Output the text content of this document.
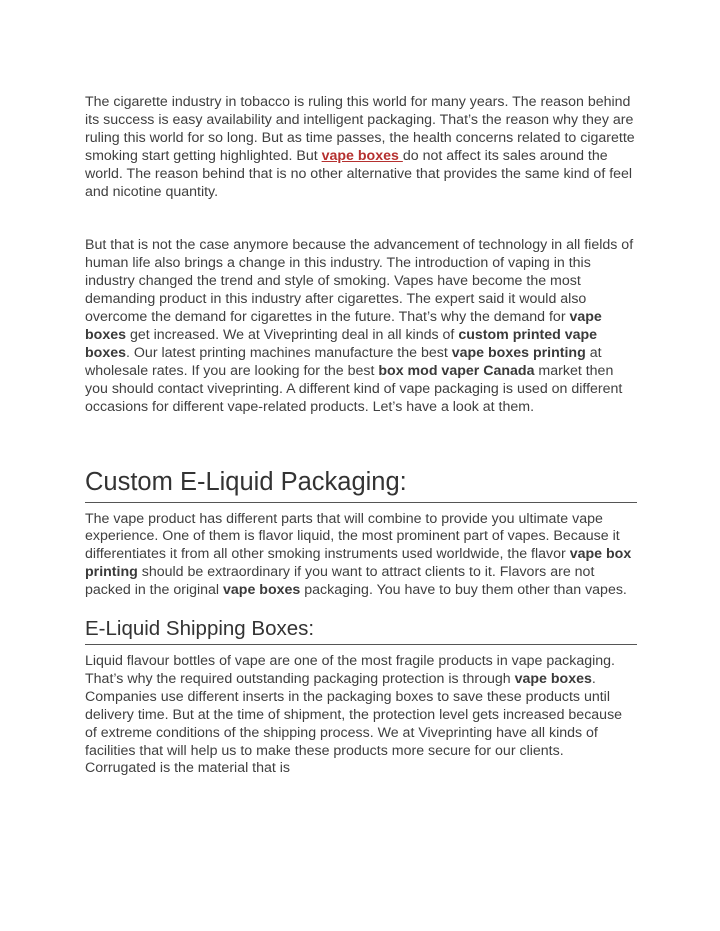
The cigarette industry in tobacco is ruling this world for many years. The reason behind its success is easy availability and intelligent packaging. That’s the reason why they are ruling this world for so long. But as time passes, the health concerns related to cigarette smoking start getting highlighted. But vape boxes do not affect its sales around the world. The reason behind that is no other alternative that provides the same kind of feel and nicotine quantity.

But that is not the case anymore because the advancement of technology in all fields of human life also brings a change in this industry. The introduction of vaping in this industry changed the trend and style of smoking. Vapes have become the most demanding product in this industry after cigarettes. The expert said it would also overcome the demand for cigarettes in the future. That’s why the demand for vape boxes get increased. We at Viveprinting deal in all kinds of custom printed vape boxes. Our latest printing machines manufacture the best vape boxes printing at wholesale rates. If you are looking for the best box mod vaper Canada market then you should contact viveprinting. A different kind of vape packaging is used on different occasions for different vape-related products. Let’s have a look at them.

Custom E-Liquid Packaging:

The vape product has different parts that will combine to provide you ultimate vape experience. One of them is flavor liquid, the most prominent part of vapes. Because it differentiates it from all other smoking instruments used worldwide, the flavor vape box printing should be extraordinary if you want to attract clients to it. Flavors are not packed in the original vape boxes packaging. You have to buy them other than vapes.

E-Liquid Shipping Boxes:

Liquid flavour bottles of vape are one of the most fragile products in vape packaging. That’s why the required outstanding packaging protection is through vape boxes. Companies use different inserts in the packaging boxes to save these products until delivery time. But at the time of shipment, the protection level gets increased because of extreme conditions of the shipping process. We at Viveprinting have all kinds of facilities that will help us to make these products more secure for our clients. Corrugated is the material that is
